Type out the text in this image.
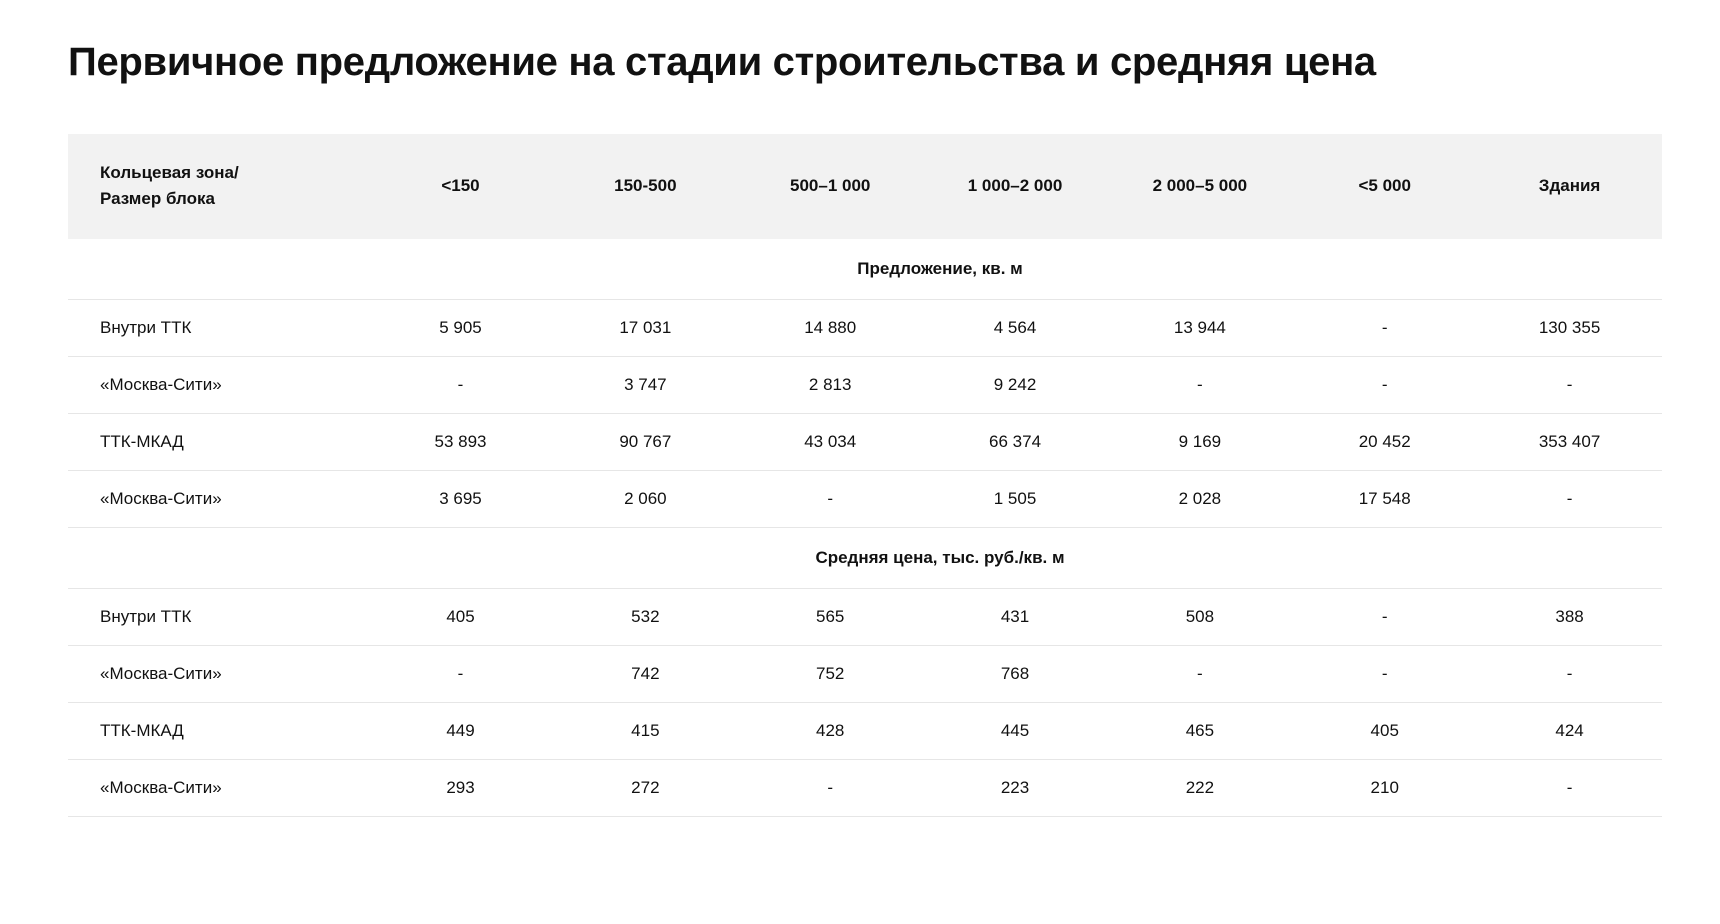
Первичное предложение на стадии строительства и средняя цена
Кольцевая зона/
Размер блока	<150	150-500	500–1 000	1 000–2 000	2 000–5 000	<5 000	Здания

Предложение, кв. м							

Внутри ТТК	5 905	17 031	14 880	4 564	13 944	-	130 355
«Москва-Сити»	-	3 747	2 813	9 242	-	-	-
ТТК-МКАД	53 893	90 767	43 034	66 374	9 169	20 452	353 407
«Москва-Сити»	3 695	2 060	-	1 505	2 028	17 548	-

Средняя цена, тыс. руб./кв. м							

Внутри ТТК	405	532	565	431	508	-	388
«Москва-Сити»	-	742	752	768	-	-	-
ТТК-МКАД	449	415	428	445	465	405	424
«Москва-Сити»	293	272	-	223	222	210	-
